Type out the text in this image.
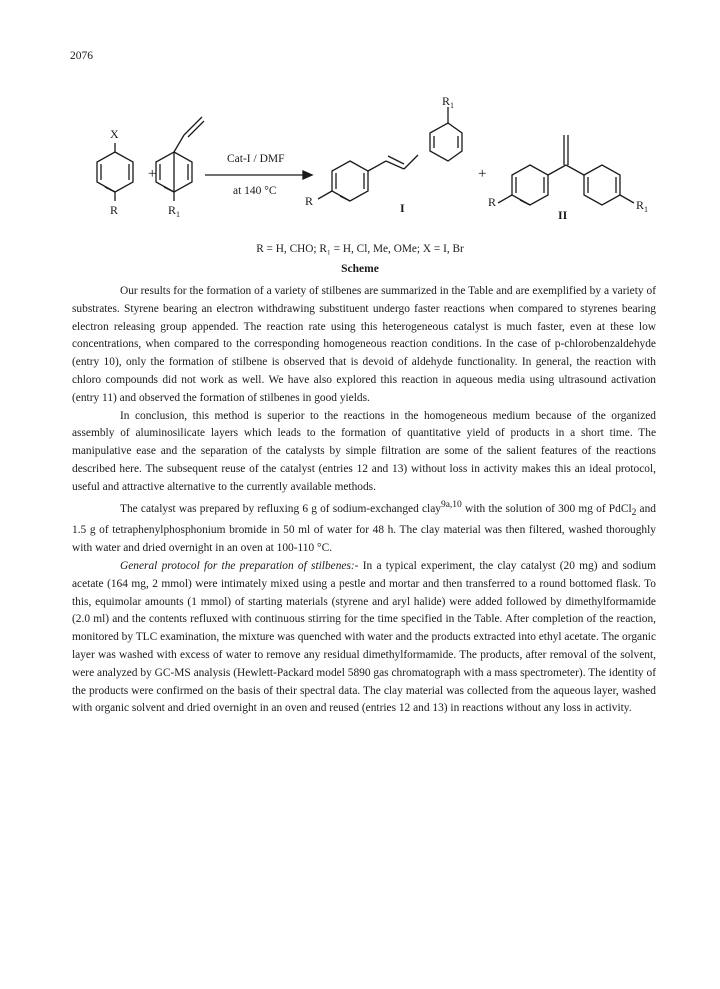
2076
X
R
+
R 1
Cat-I / DMF
at 140 °C
R
R 1
I
+
R	R 1
II
R = H, CHO; R₁ = H, Cl, Me, OMe; X = I, Br
Scheme

Our results for the formation of a variety of stilbenes are summarized in the Table and are exemplified by a variety of substrates. Styrene bearing an electron withdrawing substituent undergo faster reactions when compared to styrenes bearing electron releasing group appended. The reaction rate using this heterogeneous catalyst is much faster, even at these low concentrations, when compared to the corresponding homogeneous reaction conditions. In the case of p-chlorobenzaldehyde (entry 10), only the formation of stilbene is observed that is devoid of aldehyde functionality. In general, the reaction with chloro compounds did not work as well. We have also explored this reaction in aqueous media using ultrasound activation (entry 11) and observed the formation of stilbenes in good yields.

In conclusion, this method is superior to the reactions in the homogeneous medium because of the organized assembly of aluminosilicate layers which leads to the formation of quantitative yield of products in a short time. The manipulative ease and the separation of the catalysts by simple filtration are some of the salient features of the reactions described here. The subsequent reuse of the catalyst (entries 12 and 13) without loss in activity makes this an ideal protocol, useful and attractive alternative to the currently available methods.

The catalyst was prepared by refluxing 6 g of sodium-exchanged clay$^{9a,10}$ with the solution of 300 mg of PdCl$_2$ and 1.5 g of tetraphenylphosphonium bromide in 50 ml of water for 48 h. The clay material was then filtered, washed thoroughly with water and dried overnight in an oven at 100-110 °C.

General protocol for the preparation of stilbenes:- In a typical experiment, the clay catalyst (20 mg) and sodium acetate (164 mg, 2 mmol) were intimately mixed using a pestle and mortar and then transferred to a round bottomed flask. To this, equimolar amounts (1 mmol) of starting materials (styrene and aryl halide) were added followed by dimethylformamide (2.0 ml) and the contents refluxed with continuous stirring for the time specified in the Table. After completion of the reaction, monitored by TLC examination, the mixture was quenched with water and the products extracted into ethyl acetate. The organic layer was washed with excess of water to remove any residual dimethylformamide. The products, after removal of the solvent, were analyzed by GC-MS analysis (Hewlett-Packard model 5890 gas chromatograph with a mass spectrometer). The identity of the products were confirmed on the basis of their spectral data. The clay material was collected from the aqueous layer, washed with organic solvent and dried overnight in an oven and reused (entries 12 and 13) in reactions without any loss in activity.
